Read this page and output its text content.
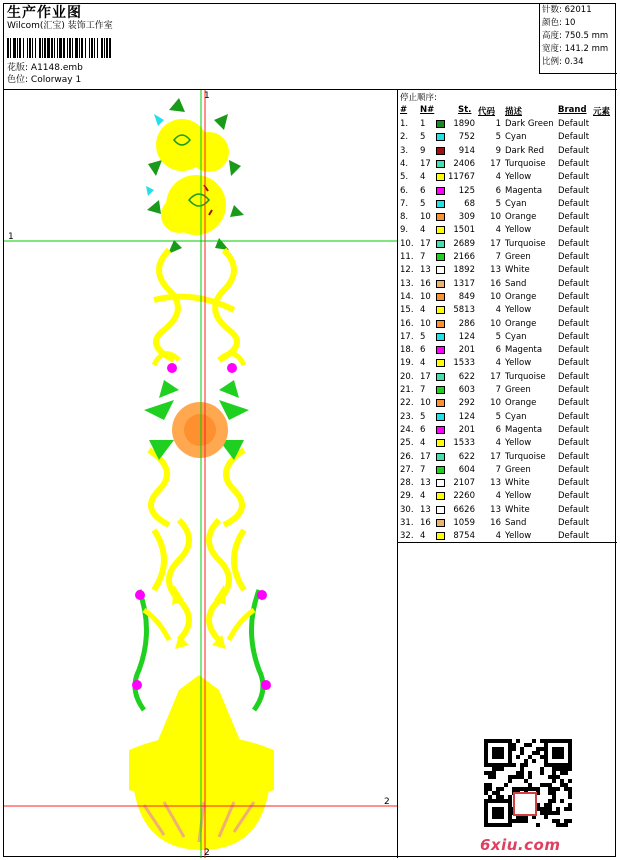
生产作业图
Wilcom(汇宝) 装饰工作室
花版: A1148.emb
色位: Colorway 1
针数: 62011
颜色: 10
高度: 750.5 mm
宽度: 141.2 mm
比例: 0.34
1
1
2
2
停止顺序:
# N#	St. 代码 描述	Brand 元素
1. 1	1890 1 Dark Green Default
2. 5	752 5 Cyan	Default
3. 9	914 9 Dark Red Default
4. 17	2406 17 Turquoise Default
5. 4	11767 4 Yellow	Default
6. 6	125 6 Magenta Default
7. 5	68 5 Cyan	Default
8. 10	309 10 Orange	Default
9. 4	1501 4 Yellow	Default
10. 17	2689 17 Turquoise Default
11. 7	2166 7 Green	Default
12. 13	1892 13 White	Default
13. 16	1317 16 Sand	Default
14. 10	849 10 Orange	Default
15. 4	5813 4 Yellow	Default
16. 10	286 10 Orange	Default
17. 5	124 5 Cyan	Default
18. 6	201 6 Magenta Default
19. 4	1533 4 Yellow	Default
20. 17	622 17 Turquoise Default
21. 7	603 7 Green	Default
22. 10	292 10 Orange	Default
23. 5	124 5 Cyan	Default
24. 6	201 6 Magenta Default
25. 4	1533 4 Yellow	Default
26. 17	622 17 Turquoise Default
27. 7	604 7 Green	Default
28. 13	2107 13 White	Default
29. 4	2260 4 Yellow	Default
30. 13	6626 13 White	Default
31. 16	1059 16 Sand	Default
32. 4	8754 4 Yellow	Default
6xiu.com
